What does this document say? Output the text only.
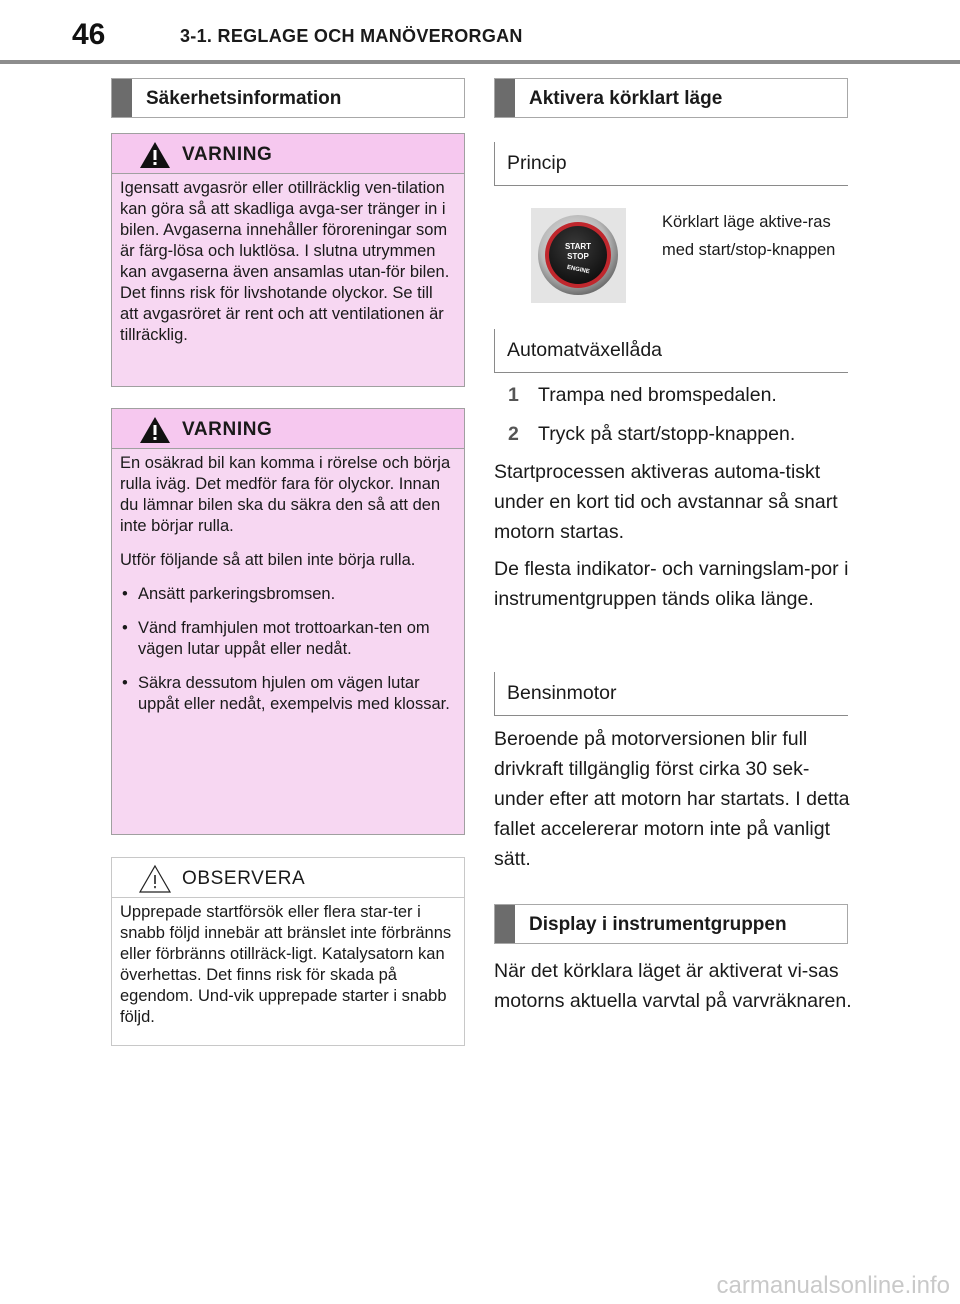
46	3-1. REGLAGE OCH MANÖVERORGAN
Säkerhetsinformation
VARNING

Igensatt avgasrör eller otillräcklig ven-tilation kan göra så att skadliga avga-ser tränger in i bilen. Avgaserna innehåller föroreningar som är färg-lösa och luktlösa. I slutna utrymmen kan avgaserna även ansamlas utan-för bilen. Det finns risk för livshotande olyckor. Se till att avgasröret är rent och att ventilationen är tillräcklig.

VARNING

En osäkrad bil kan komma i rörelse och börja rulla iväg. Det medför fara för olyckor. Innan du lämnar bilen ska du säkra den så att den inte börjar rulla.

Utför följande så att bilen inte börja rulla.

• Ansätt parkeringsbromsen.
• Vänd framhjulen mot trottoarkan-ten om vägen lutar uppåt eller nedåt.
• Säkra dessutom hjulen om vägen lutar uppåt eller nedåt, exempelvis med klossar.
OBSERVERA

Upprepade startförsök eller flera star-ter i snabb följd innebär att bränslet inte förbränns eller förbränns otillräck-ligt. Katalysatorn kan överhettas. Det finns risk för skada på egendom. Und-vik upprepade starter i snabb följd.

Aktivera körklart läge
Princip
START
STOP
ENGINE
Körklart läge aktive-ras med start/stop-knappen
Automatväxellåda
1 Trampa ned bromspedalen.
2 Tryck på start/stopp-knappen.
Startprocessen aktiveras automa-tiskt under en kort tid och avstannar så snart motorn startas.
De flesta indikator- och varningslam-por i instrumentgruppen tänds olika länge.
Bensinmotor
Beroende på motorversionen blir full drivkraft tillgänglig först cirka 30 sek-under efter att motorn har startats. I detta fallet accelererar motorn inte på vanligt sätt.
Display i instrumentgruppen
När det körklara läget är aktiverat vi-sas motorns aktuella varvtal på varvräknaren.
carmanualsonline.info
